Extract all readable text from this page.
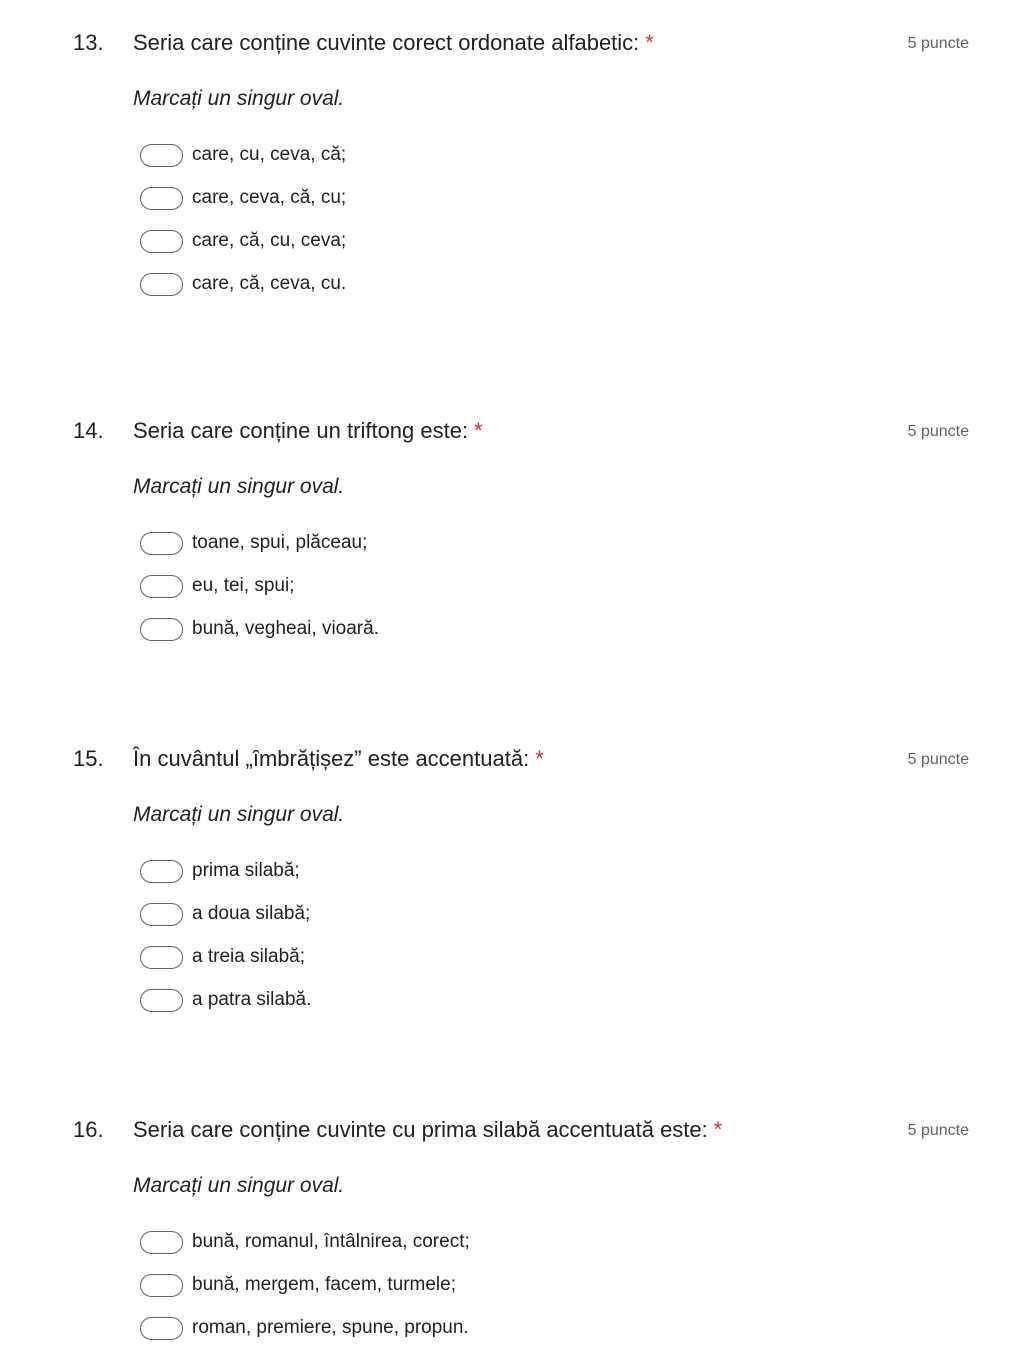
13. Seria care conține cuvinte corect ordonate alfabetic: *	5 puncte
Marcați un singur oval.
care, cu, ceva, că;
care, ceva, că, cu;
care, că, cu, ceva;
care, că, ceva, cu.
14. Seria care conține un triftong este: *	5 puncte
Marcați un singur oval.
toane, spui, plăceau;
eu, tei, spui;
bună, vegheai, vioară.
15. În cuvântul „îmbrățișez” este accentuată: *	5 puncte
Marcați un singur oval.
prima silabă;
a doua silabă;
a treia silabă;
a patra silabă.
16. Seria care conține cuvinte cu prima silabă accentuată este: *	5 puncte
Marcați un singur oval.
bună, romanul, întâlnirea, corect;
bună, mergem, facem, turmele;
roman, premiere, spune, propun.
